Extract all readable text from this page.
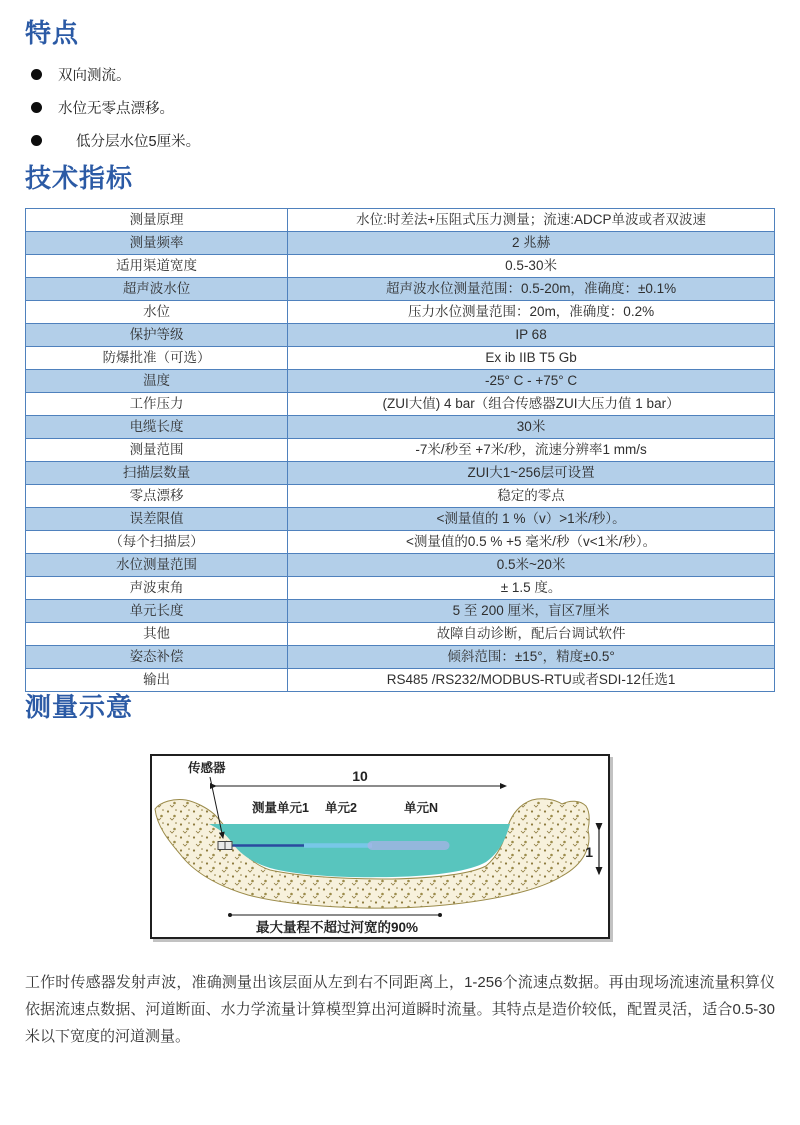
特点
双向测流。
水位无零点漂移。
低分层水位5厘米。
技术指标
测量原理	水位:时差法+压阻式压力测量；流速:ADCP单波或者双波速
测量频率	2 兆赫
适用渠道宽度	0.5-30米
超声波水位	超声波水位测量范围：0.5-20m，准确度：±0.1%
水位	压力水位测量范围：20m，准确度：0.2%
保护等级	IP 68
防爆批准（可选）	Ex ib IIB T5 Gb
温度	-25° C - +75° C
工作压力	(ZUI大值) 4 bar（组合传感器ZUI大压力值 1 bar）
电缆长度	30米
测量范围	-7米/秒至 +7米/秒，流速分辨率1 mm/s
扫描层数量	ZUI大1~256层可设置
零点漂移	稳定的零点
误差限值	<测量值的 1 %（v）>1米/秒）。
（每个扫描层）	<测量值的0.5 % +5 毫米/秒（v<1米/秒）。
水位测量范围	0.5米~20米
声波束角	± 1.5 度。
单元长度	5 至 200 厘米，盲区7厘米
其他	故障自动诊断，配后台调试软件
姿态补偿	倾斜范围：±15°，精度±0.5°
输出	RS485 /RS232/MODBUS-RTU或者SDI-12任选1
测量示意
10
1
最大量程不超过河宽的90%
传感器
测量单元1 单元2	单元N

工作时传感器发射声波，准确测量出该层面从左到右不同距离上，1-256个流速点数据。再由现场流速流量积算仪依据流速点数据、河道断面、水力学流量计算模型算出河道瞬时流量。其特点是造价较低，配置灵活，适合0.5-30米以下宽度的河道测量。
